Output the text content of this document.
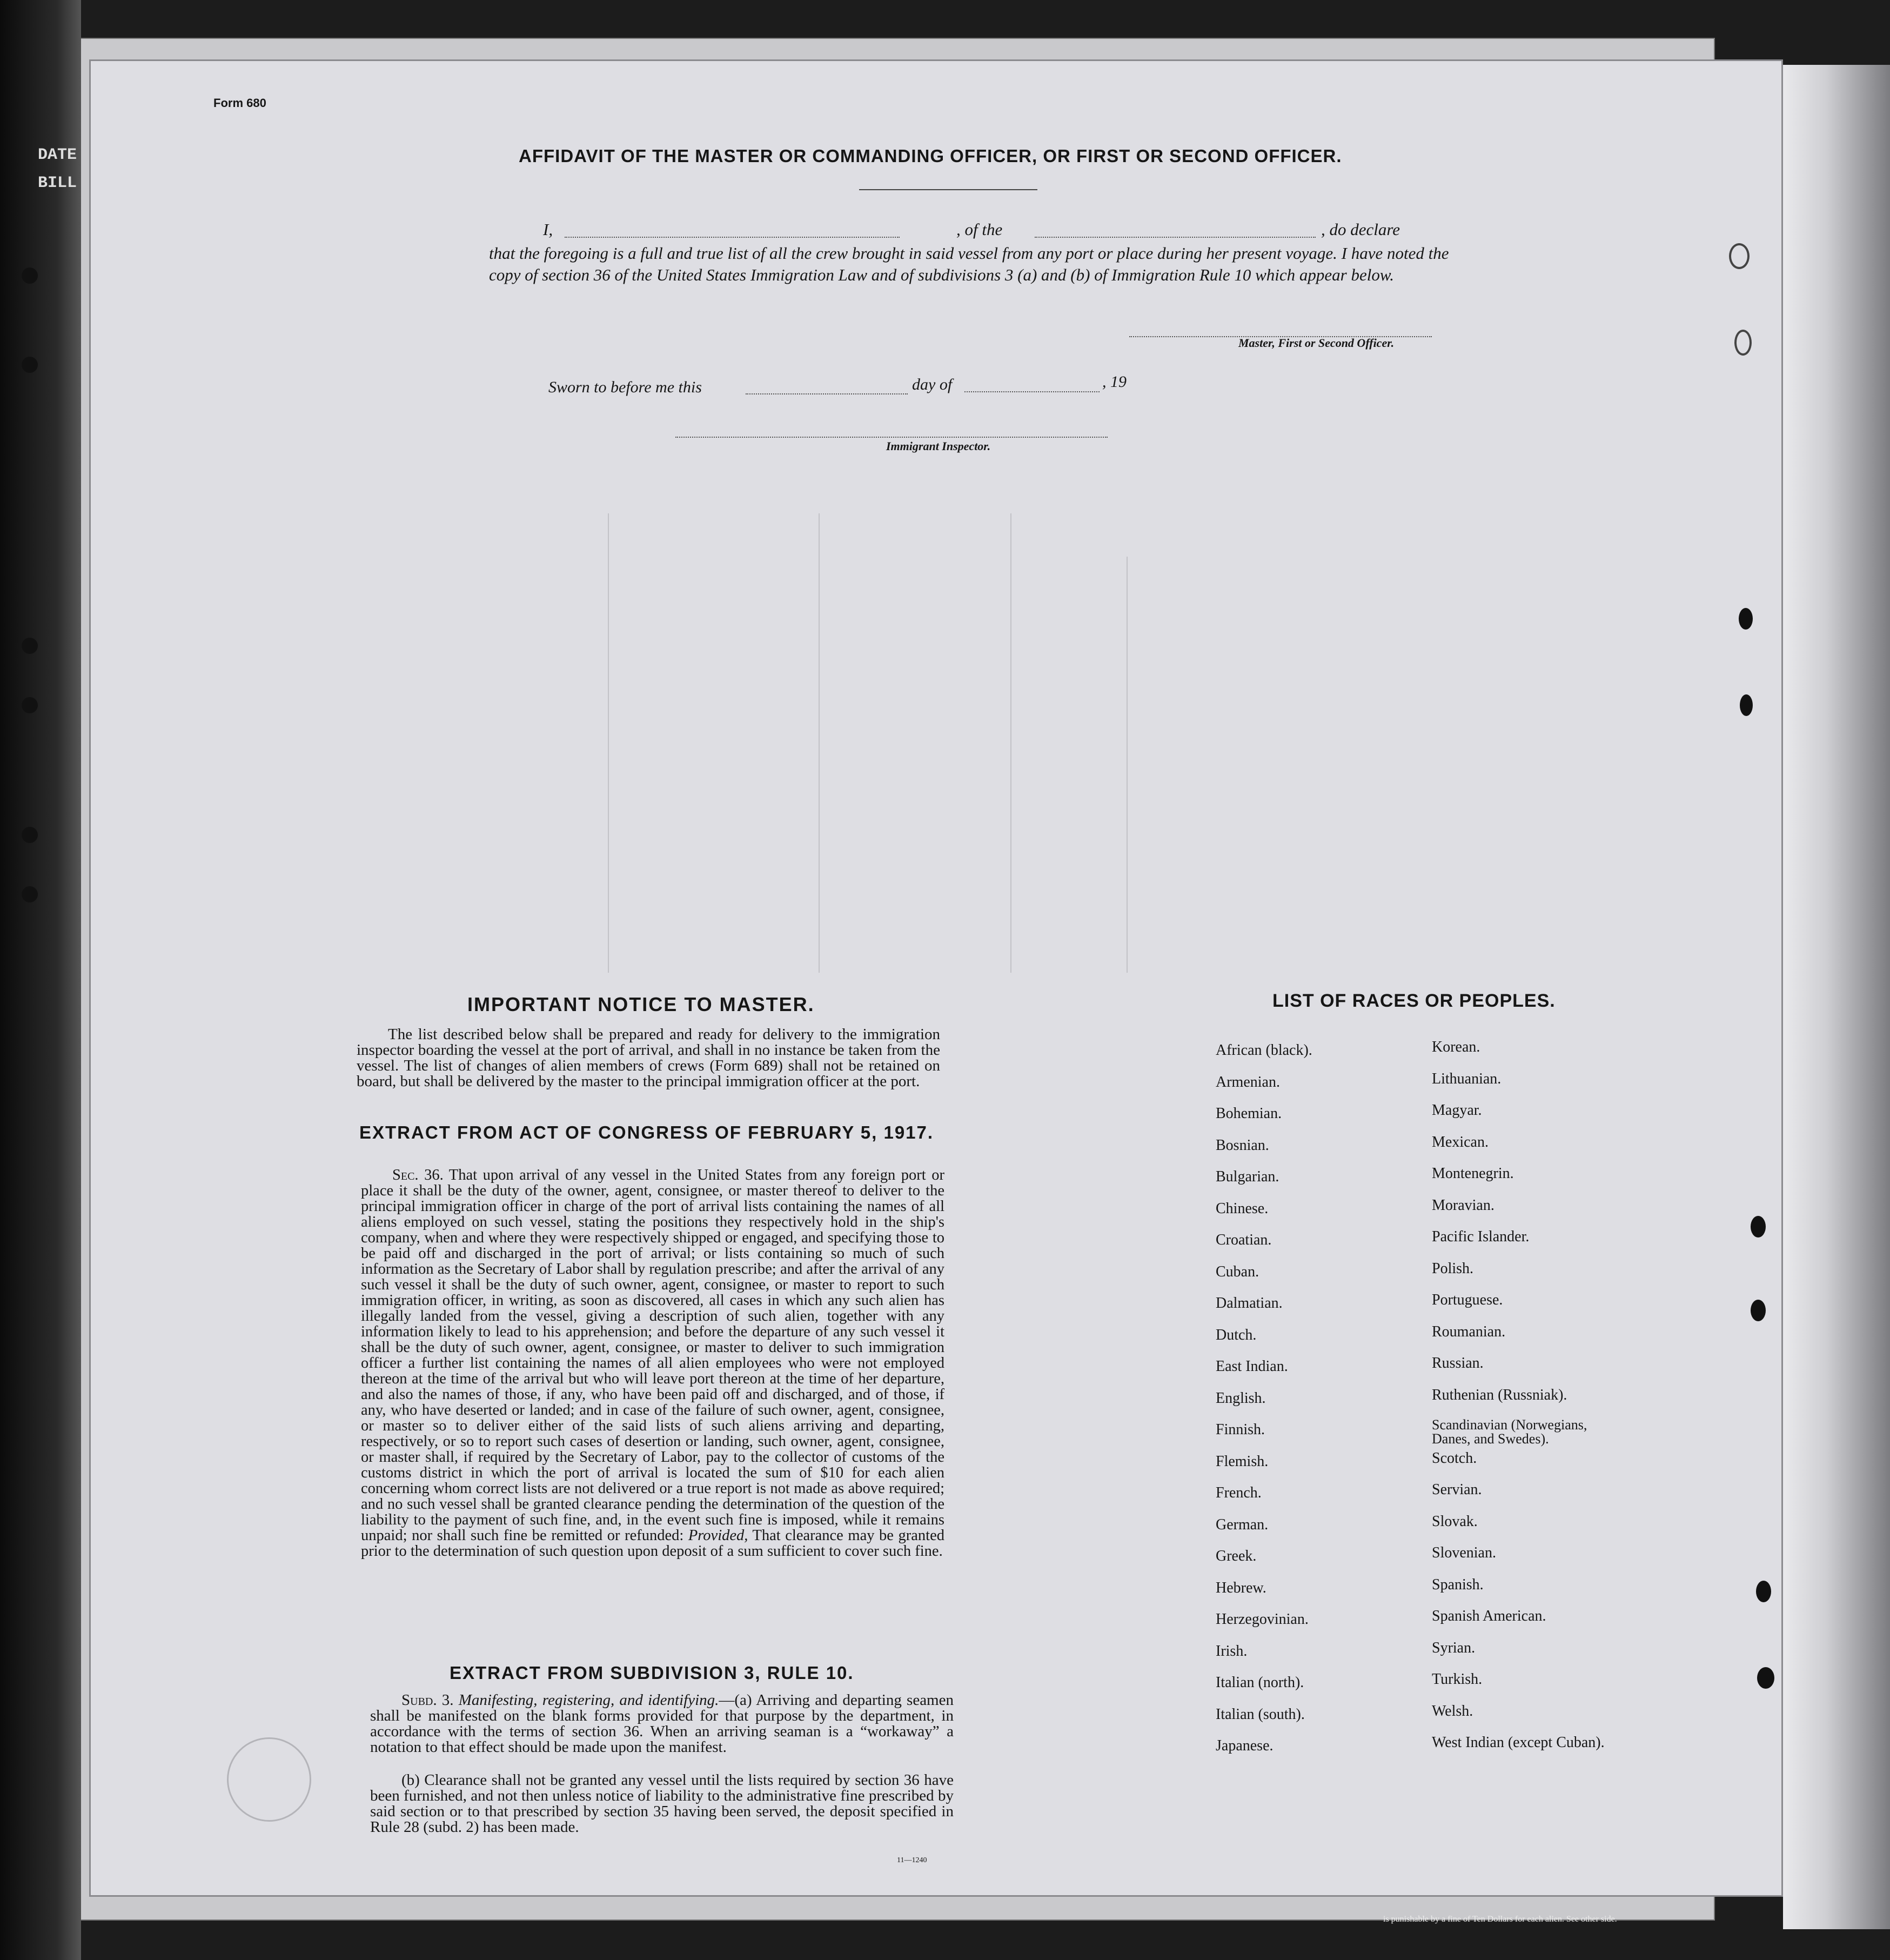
DATE
BILL
Form 680
AFFIDAVIT OF THE MASTER OR COMMANDING OFFICER, OR FIRST OR SECOND OFFICER.
I,	, of the	, do declare
that the foregoing is a full and true list of all the crew brought in said vessel from any port or place during her present voyage. I have noted the copy of section 36 of the United States Immigration Law and of subdivisions 3 (a) and (b) of Immigration Rule 10 which appear below.
Master, First or Second Officer.
Sworn to before me this	day of	, 19
Immigrant Inspector.
IMPORTANT NOTICE TO MASTER.
The list described below shall be prepared and ready for delivery to the immigration inspector boarding the vessel at the port of arrival, and shall in no instance be taken from the vessel. The list of changes of alien members of crews (Form 689) shall not be retained on board, but shall be delivered by the master to the principal immigration officer at the port.
EXTRACT FROM ACT OF CONGRESS OF FEBRUARY 5, 1917.
Sec. 36. That upon arrival of any vessel in the United States from any foreign port or place it shall be the duty of the owner, agent, consignee, or master thereof to deliver to the principal immigration officer in charge of the port of arrival lists containing the names of all aliens employed on such vessel, stating the positions they respectively hold in the ship's company, when and where they were respectively shipped or engaged, and specifying those to be paid off and discharged in the port of arrival; or lists containing so much of such information as the Secretary of Labor shall by regulation prescribe; and after the arrival of any such vessel it shall be the duty of such owner, agent, consignee, or master to report to such immigration officer, in writing, as soon as discovered, all cases in which any such alien has illegally landed from the vessel, giving a description of such alien, together with any information likely to lead to his apprehension; and before the departure of any such vessel it shall be the duty of such owner, agent, consignee, or master to deliver to such immigration officer a further list containing the names of all alien employees who were not employed thereon at the time of the arrival but who will leave port thereon at the time of her departure, and also the names of those, if any, who have been paid off and discharged, and of those, if any, who have deserted or landed; and in case of the failure of such owner, agent, consignee, or master so to deliver either of the said lists of such aliens arriving and departing, respectively, or so to report such cases of desertion or landing, such owner, agent, consignee, or master shall, if required by the Secretary of Labor, pay to the collector of customs of the customs district in which the port of arrival is located the sum of $10 for each alien concerning whom correct lists are not delivered or a true report is not made as above required; and no such vessel shall be granted clearance pending the determination of the question of the liability to the payment of such fine, and, in the event such fine is imposed, while it remains unpaid; nor shall such fine be remitted or refunded: Provided, That clearance may be granted prior to the determination of such question upon deposit of a sum sufficient to cover such fine.
EXTRACT FROM SUBDIVISION 3, RULE 10.
Subd. 3. Manifesting, registering, and identifying.—(a) Arriving and departing seamen shall be manifested on the blank forms provided for that purpose by the department, in accordance with the terms of section 36. When an arriving seaman is a “workaway” a notation to that effect should be made upon the manifest.
(b) Clearance shall not be granted any vessel until the lists required by section 36 have been furnished, and not then unless notice of liability to the administrative fine prescribed by said section or to that prescribed by section 35 having been served, the deposit specified in Rule 28 (subd. 2) has been made.
11—1240
LIST OF RACES OR PEOPLES.
African (black).
Armenian.
Bohemian.
Bosnian.
Bulgarian.
Chinese.
Croatian.
Cuban.
Dalmatian.
Dutch.
East Indian.
English.
Finnish.
Flemish.
French.
German.
Greek.
Hebrew.
Herzegovinian.
Irish.
Italian (north).
Italian (south).
Japanese.
Korean.
Lithuanian.
Magyar.
Mexican.
Montenegrin.
Moravian.
Pacific Islander.
Polish.
Portuguese.
Roumanian.
Russian.
Ruthenian (Russniak).
Scandinavian (Norwegians, Danes, and Swedes).
Scotch.
Servian.
Slovak.
Slovenian.
Spanish.
Spanish American.
Syrian.
Turkish.
Welsh.
West Indian (except Cuban).
is punishable by a fine of Ten Dollars for each alien. See other side.
